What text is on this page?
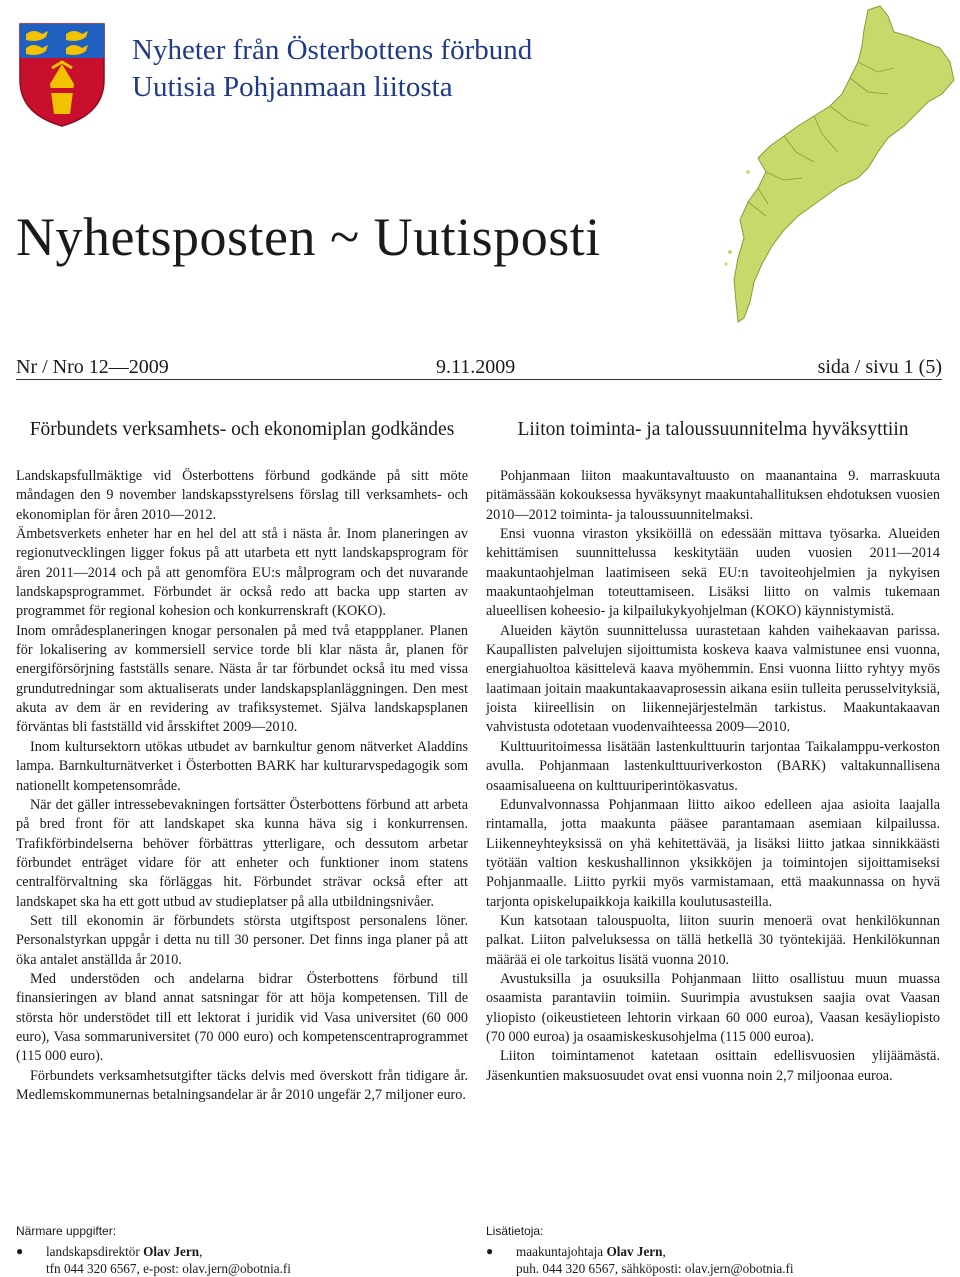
Nyheter från Österbottens förbund
Uutisia Pohjanmaan liitosta
Nyhetsposten ~ Uutisposti
Nr / Nro 12—2009	9.11.2009	sida / sivu 1 (5)
Förbundets verksamhets- och ekonomiplan godkändes

Landskapsfullmäktige vid Österbottens förbund godkände på sitt möte måndagen den 9 november landskapsstyrelsens förslag till verksamhets- och ekonomiplan för åren 2010—2012.

Ämbetsverkets enheter har en hel del att stå i nästa år. Inom planeringen av regionutvecklingen ligger fokus på att utarbeta ett nytt landskapsprogram för åren 2011—2014 och på att genomföra EU:s målprogram och det nuvarande landskapsprogrammet. Förbundet är också redo att backa upp starten av programmet för regional kohesion och konkurrenskraft (KOKO).

Inom områdesplaneringen knogar personalen på med två etappplaner. Planen för lokalisering av kommersiell service torde bli klar nästa år, planen för energiförsörjning fastställs senare. Nästa år tar förbundet också itu med vissa grundutredningar som aktualiserats under landskapsplanläggningen. Den mest akuta av dem är en revidering av trafiksystemet. Själva landskapsplanen förväntas bli fastställd vid årsskiftet 2009—2010.

Inom kultursektorn utökas utbudet av barnkultur genom nätverket Aladdins lampa. Barnkulturnätverket i Österbotten BARK har kulturarvspedagogik som nationellt kompetensområde.

När det gäller intressebevakningen fortsätter Österbottens förbund att arbeta på bred front för att landskapet ska kunna häva sig i konkurrensen. Trafikförbindelserna behöver förbättras ytterligare, och dessutom arbetar förbundet enträget vidare för att enheter och funktioner inom statens centralförvaltning ska förläggas hit. Förbundet strävar också efter att landskapet ska ha ett gott utbud av studieplatser på alla utbildningsnivåer.

Sett till ekonomin är förbundets största utgiftspost personalens löner. Personalstyrkan uppgår i detta nu till 30 personer. Det finns inga planer på att öka antalet anställda år 2010.

Med understöden och andelarna bidrar Österbottens förbund till finansieringen av bland annat satsningar för att höja kompetensen. Till de största hör understödet till ett lektorat i juridik vid Vasa universitet (60 000 euro), Vasa sommaruniversitet (70 000 euro) och kompetenscentraprogrammet (115 000 euro).

Förbundets verksamhetsutgifter täcks delvis med överskott från tidigare år. Medlemskommunernas betalningsandelar är år 2010 ungefär 2,7 miljoner euro.

Liiton toiminta- ja taloussuunnitelma hyväksyttiin

Pohjanmaan liiton maakuntavaltuusto on maanantaina 9. marraskuuta pitämässään kokouksessa hyväksynyt maakuntahallituksen ehdotuksen vuosien 2010—2012 toiminta- ja taloussuunnitelmaksi.

Ensi vuonna viraston yksiköillä on edessään mittava työsarka. Alueiden kehittämisen suunnittelussa keskitytään uuden vuosien 2011—2014 maakuntaohjelman laatimiseen sekä EU:n tavoiteohjelmien ja nykyisen maakuntaohjelman toteuttamiseen. Lisäksi liitto on valmis tukemaan alueellisen koheesio- ja kilpailukykyohjelman (KOKO) käynnistymistä.

Alueiden käytön suunnittelussa uurastetaan kahden vaihekaavan parissa. Kaupallisten palvelujen sijoittumista koskeva kaava valmistunee ensi vuonna, energiahuoltoa käsittelevä kaava myöhemmin. Ensi vuonna liitto ryhtyy myös laatimaan joitain maakuntakaavaprosessin aikana esiin tulleita perusselvityksiä, joista kiireellisin on liikennejärjestelmän tarkistus. Maakuntakaavan vahvistusta odotetaan vuodenvaihteessa 2009—2010.

Kulttuuritoimessa lisätään lastenkulttuurin tarjontaa Taikalamppu-verkoston avulla. Pohjanmaan lastenkulttuuriverkoston (BARK) valtakunnallisena osaamisalueena on kulttuuriperintökasvatus.

Edunvalvonnassa Pohjanmaan liitto aikoo edelleen ajaa asioita laajalla rintamalla, jotta maakunta pääsee parantamaan asemiaan kilpailussa. Liikenneyhteyksissä on yhä kehitettävää, ja lisäksi liitto jatkaa sinnikkäästi työtään valtion keskushallinnon yksikköjen ja toimintojen sijoittamiseksi Pohjanmaalle. Liitto pyrkii myös varmistamaan, että maakunnassa on hyvä tarjonta opiskelupaikkoja kaikilla koulutusasteilla.

Kun katsotaan talouspuolta, liiton suurin menoerä ovat henkilökunnan palkat. Liiton palveluksessa on tällä hetkellä 30 työntekijää. Henkilökunnan määrää ei ole tarkoitus lisätä vuonna 2010.

Avustuksilla ja osuuksilla Pohjanmaan liitto osallistuu muun muassa osaamista parantaviin toimiin. Suurimpia avustuksen saajia ovat Vaasan yliopisto (oikeustieteen lehtorin virkaan 60 000 euroa), Vaasan kesäyliopisto (70 000 euroa) ja osaamiskeskusohjelma (115 000 euroa).

Liiton toimintamenot katetaan osittain edellisvuosien ylijäämästä. Jäsenkuntien maksuosuudet ovat ensi vuonna noin 2,7 miljoonaa euroa.

Närmare uppgifter:
● landskapsdirektör Olav Jern,
tfn 044 320 6567, e-post: olav.jern@obotnia.fi
Lisätietoja:
● maakuntajohtaja Olav Jern,
puh. 044 320 6567, sähköposti: olav.jern@obotnia.fi
